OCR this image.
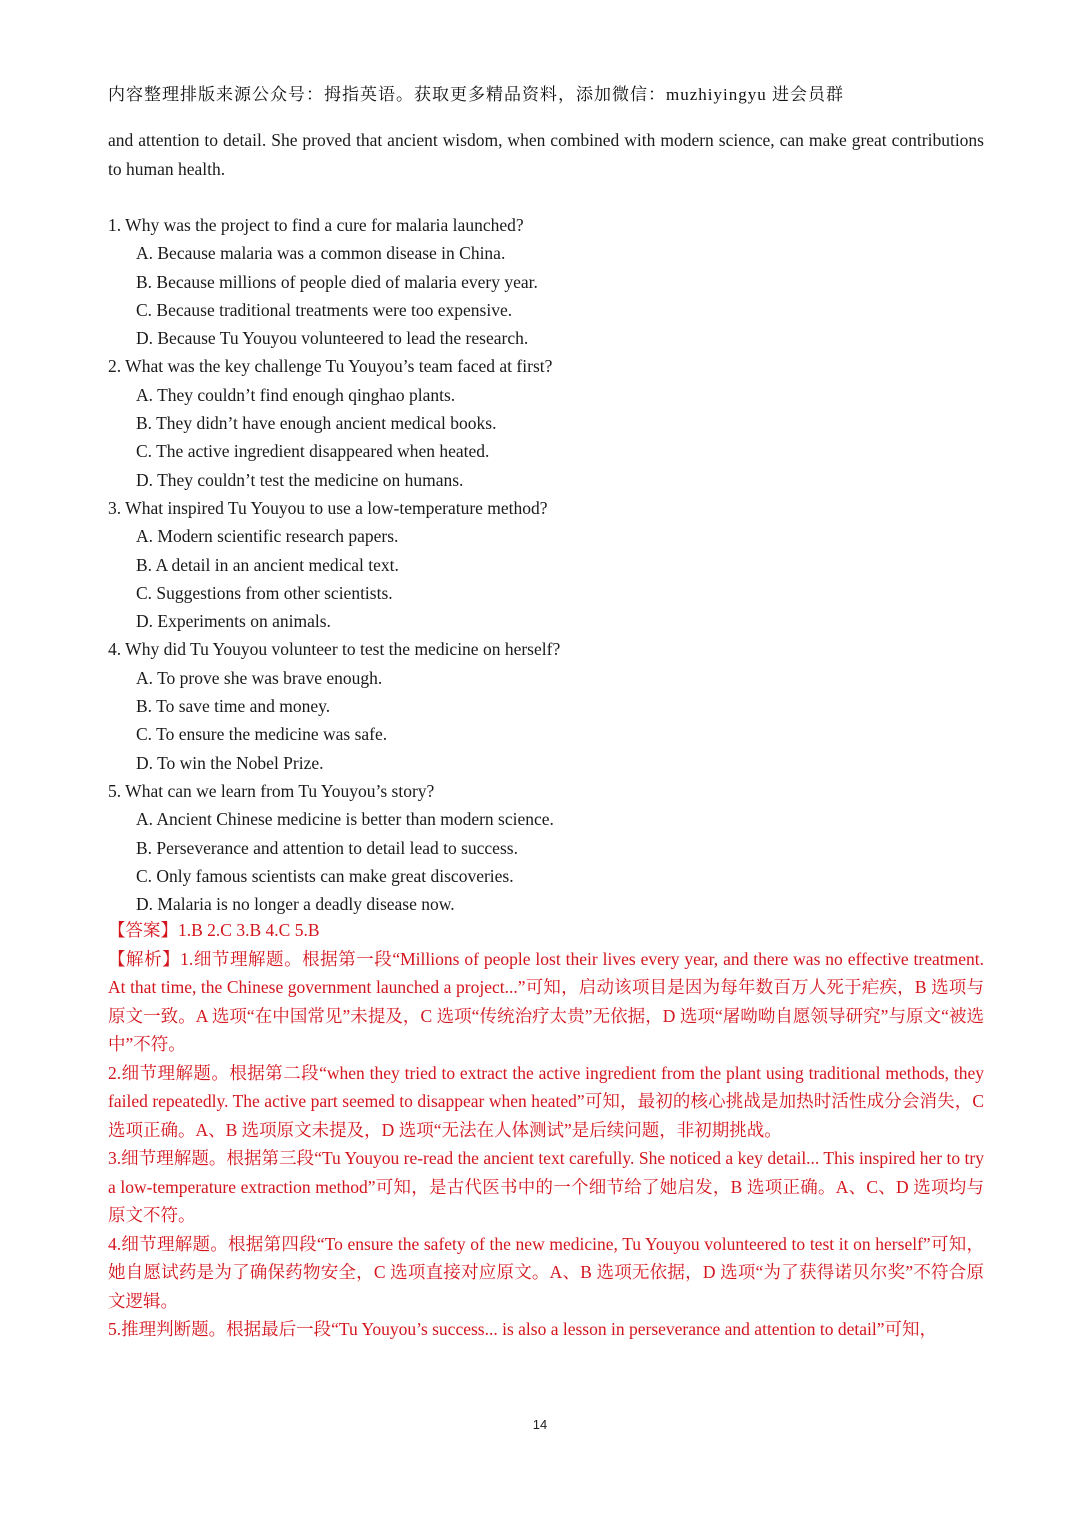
内容整理排版来源公众号：拇指英语。获取更多精品资料，添加微信：muzhiyingyu 进会员群
and attention to detail. She proved that ancient wisdom, when combined with modern science, can make great contributions to human health.

1. Why was the project to find a cure for malaria launched?

A. Because malaria was a common disease in China.

B. Because millions of people died of malaria every year.

C. Because traditional treatments were too expensive.

D. Because Tu Youyou volunteered to lead the research.

2. What was the key challenge Tu Youyou’s team faced at first?

A. They couldn’t find enough qinghao plants.

B. They didn’t have enough ancient medical books.

C. The active ingredient disappeared when heated.

D. They couldn’t test the medicine on humans.

3. What inspired Tu Youyou to use a low-temperature method?

A. Modern scientific research papers.

B. A detail in an ancient medical text.

C. Suggestions from other scientists.

D. Experiments on animals.

4. Why did Tu Youyou volunteer to test the medicine on herself?

A. To prove she was brave enough.

B. To save time and money.

C. To ensure the medicine was safe.

D. To win the Nobel Prize.

5. What can we learn from Tu Youyou’s story?

A. Ancient Chinese medicine is better than modern science.

B. Perseverance and attention to detail lead to success.

C. Only famous scientists can make great discoveries.

D. Malaria is no longer a deadly disease now.

【答案】1.B 2.C 3.B 4.C 5.B

【解析】1.细节理解题。根据第一段“Millions of people lost their lives every year, and there was no effective treatment. At that time, the Chinese government launched a project...”可知，启动该项目是因为每年数百万人死于疟疾，B 选项与原文一致。A 选项“在中国常见”未提及，C 选项“传统治疗太贵”无依据，D 选项“屠呦呦自愿领导研究”与原文“被选中”不符。

2.细节理解题。根据第二段“when they tried to extract the active ingredient from the plant using traditional methods, they failed repeatedly. The active part seemed to disappear when heated”可知，最初的核心挑战是加热时活性成分会消失，C 选项正确。A、B 选项原文未提及，D 选项“无法在人体测试”是后续问题，非初期挑战。

3.细节理解题。根据第三段“Tu Youyou re-read the ancient text carefully. She noticed a key detail... This inspired her to try a low-temperature extraction method”可知，是古代医书中的一个细节给了她启发，B 选项正确。A、C、D 选项均与原文不符。

4.细节理解题。根据第四段“To ensure the safety of the new medicine, Tu Youyou volunteered to test it on herself”可知，她自愿试药是为了确保药物安全，C 选项直接对应原文。A、B 选项无依据，D 选项“为了获得诺贝尔奖”不符合原文逻辑。

5.推理判断题。根据最后一段“Tu Youyou’s success... is also a lesson in perseverance and attention to detail”可知，

14
